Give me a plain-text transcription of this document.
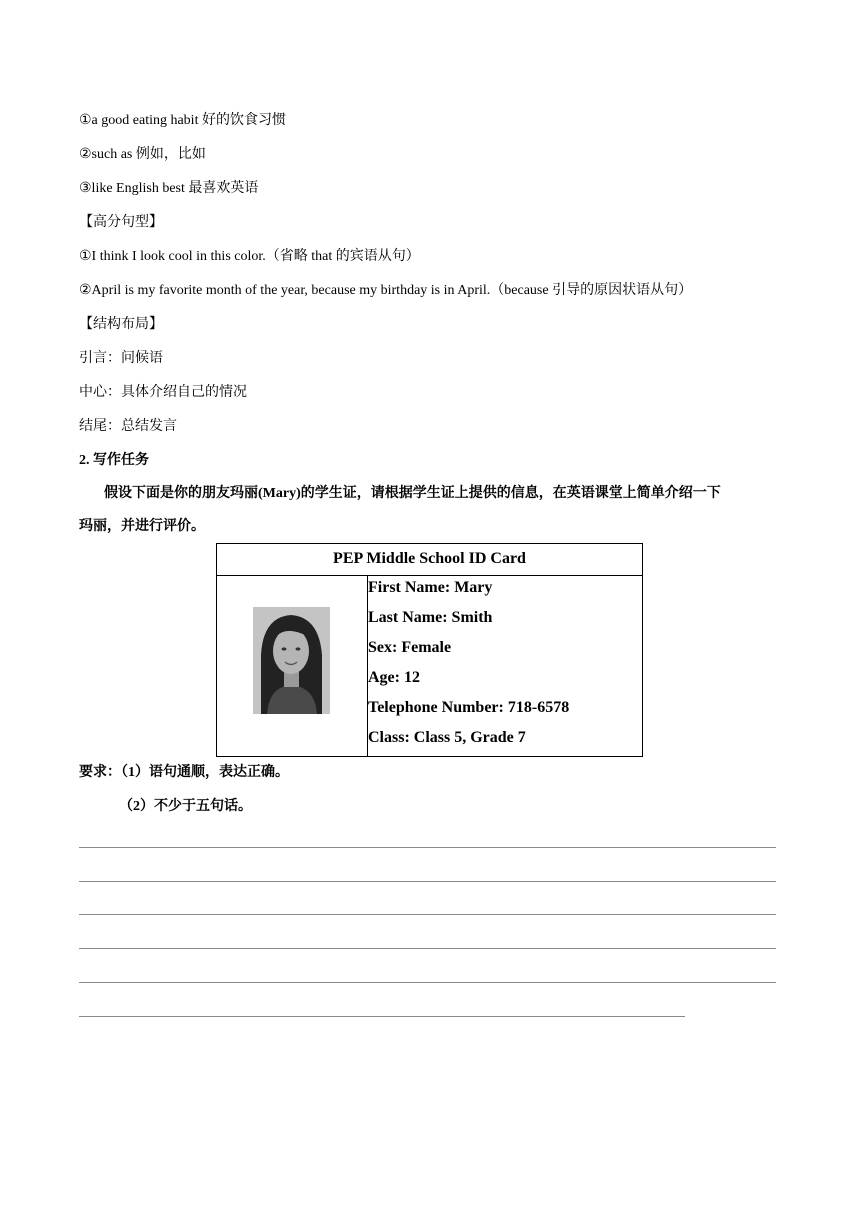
①a good eating habit 好的饮食习惯
②such as 例如，比如
③like English best 最喜欢英语
【高分句型】
①I think I look cool in this color.（省略 that 的宾语从句）
②April is my favorite month of the year, because my birthday is in April.（because 引导的原因状语从句）
【结构布局】
引言：问候语
中心：具体介绍自己的情况
结尾：总结发言
2. 写作任务
假设下面是你的朋友玛丽(Mary)的学生证，请根据学生证上提供的信息，在英语课堂上简单介绍一下
玛丽，并进行评价。
PEP Middle School ID Card

First Name: Mary
Last Name: Smith
Sex: Female
Age: 12
Telephone Number: 718-6578
Class: Class 5, Grade 7
要求：（1）语句通顺，表达正确。
（2）不少于五句话。
